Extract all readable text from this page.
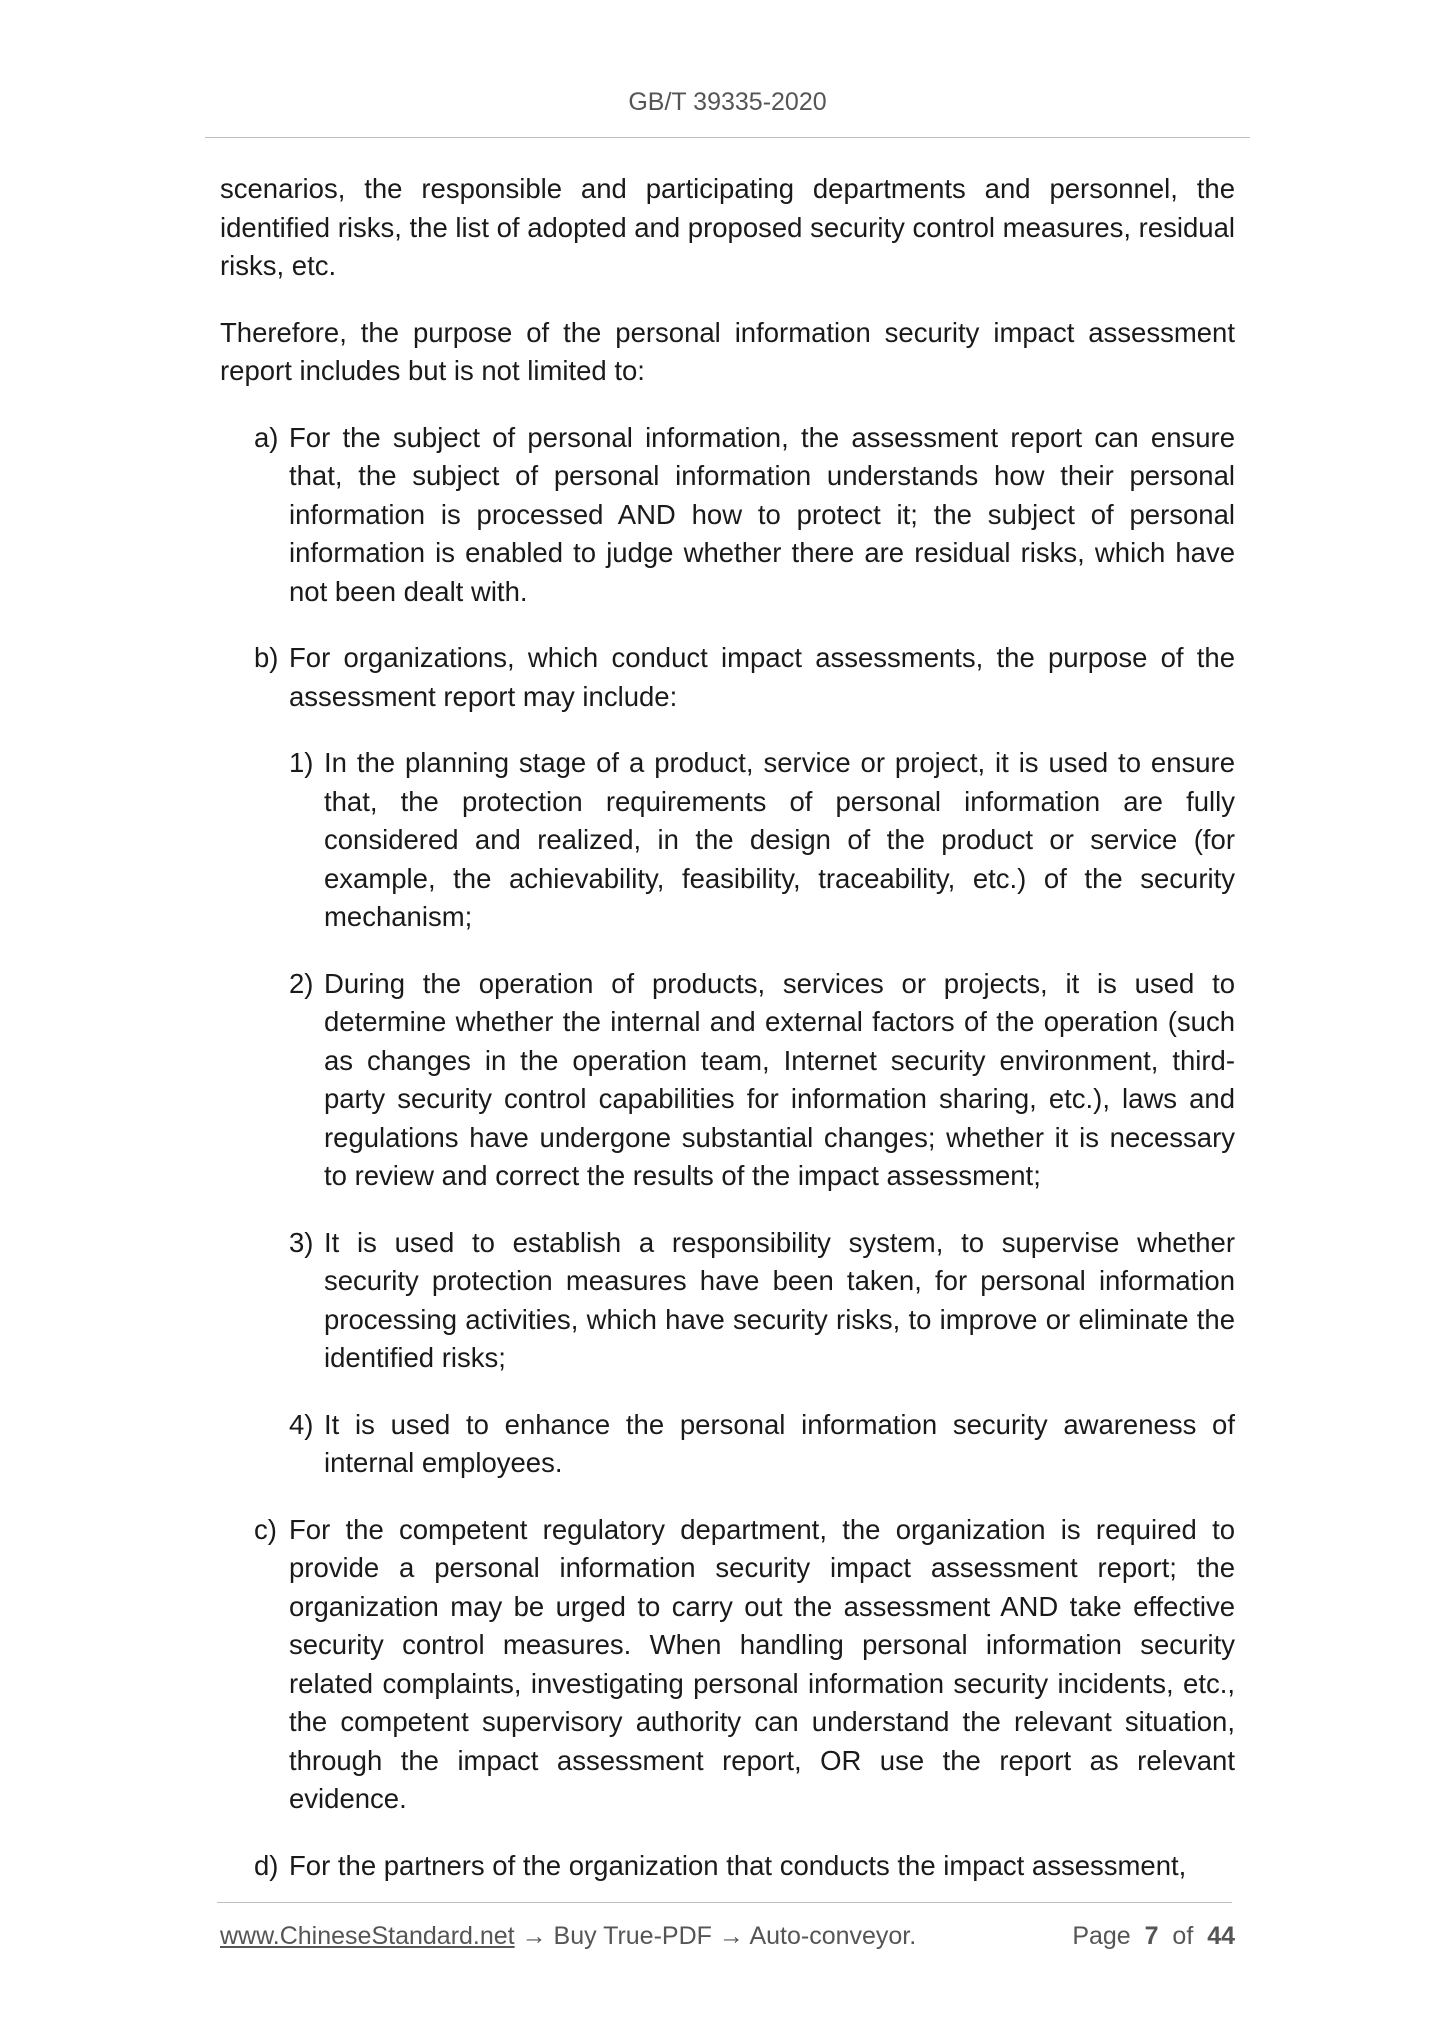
GB/T 39335-2020

scenarios, the responsible and participating departments and personnel, the identified risks, the list of adopted and proposed security control measures, residual risks, etc.

Therefore, the purpose of the personal information security impact assessment report includes but is not limited to:

a) For the subject of personal information, the assessment report can ensure that, the subject of personal information understands how their personal information is processed AND how to protect it; the subject of personal information is enabled to judge whether there are residual risks, which have not been dealt with.
b) For organizations, which conduct impact assessments, the purpose of the assessment report may include:
1) In the planning stage of a product, service or project, it is used to ensure that, the protection requirements of personal information are fully considered and realized, in the design of the product or service (for example, the achievability, feasibility, traceability, etc.) of the security mechanism;
2) During the operation of products, services or projects, it is used to determine whether the internal and external factors of the operation (such as changes in the operation team, Internet security environment, third-party security control capabilities for information sharing, etc.), laws and regulations have undergone substantial changes; whether it is necessary to review and correct the results of the impact assessment;
3) It is used to establish a responsibility system, to supervise whether security protection measures have been taken, for personal information processing activities, which have security risks, to improve or eliminate the identified risks;
4) It is used to enhance the personal information security awareness of internal employees.
c) For the competent regulatory department, the organization is required to provide a personal information security impact assessment report; the organization may be urged to carry out the assessment AND take effective security control measures. When handling personal information security related complaints, investigating personal information security incidents, etc., the competent supervisory authority can understand the relevant situation, through the impact assessment report, OR use the report as relevant evidence.
d) For the partners of the organization that conducts the impact assessment,
www.ChineseStandard.net → Buy True-PDF → Auto-conveyor.	Page 7 of 44
